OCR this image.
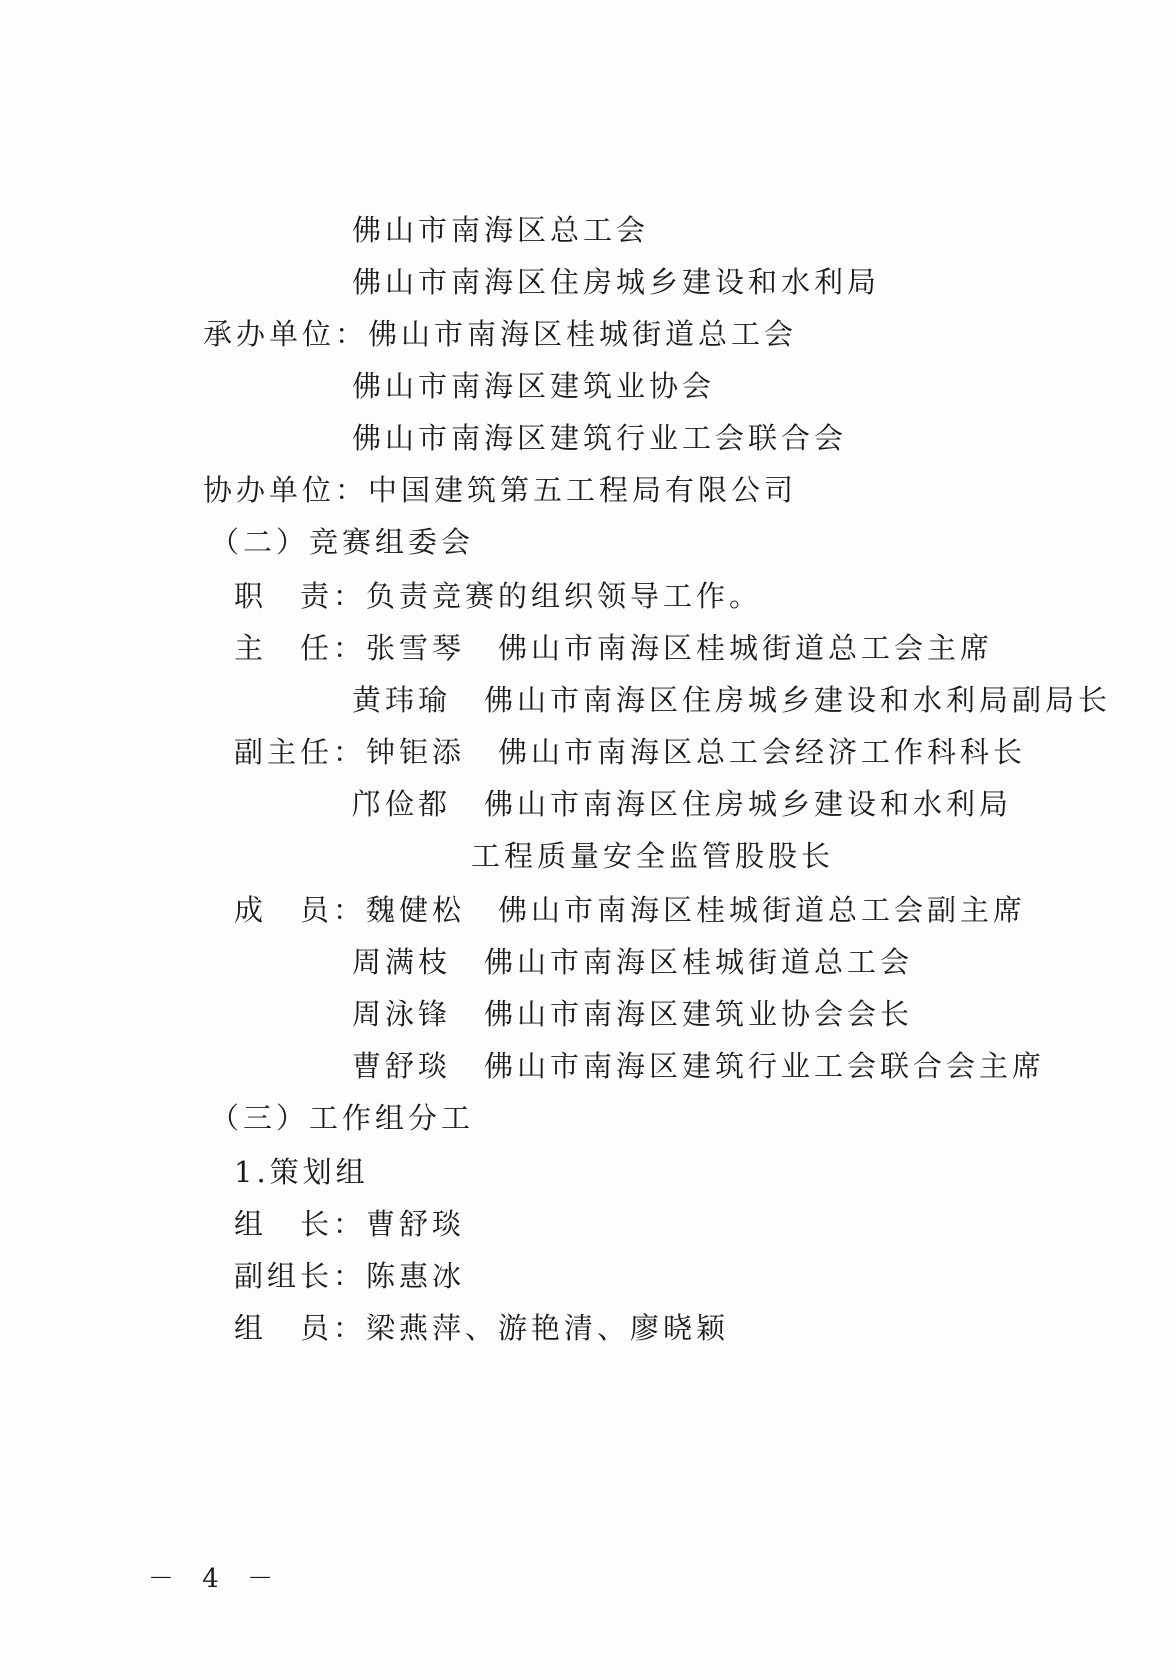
佛山市南海区总工会

佛山市南海区住房城乡建设和水利局

承办单位：佛山市南海区桂城街道总工会

佛山市南海区建筑业协会

佛山市南海区建筑行业工会联合会

协办单位：中国建筑第五工程局有限公司

（二）竞赛组委会

职　责：负责竞赛的组织领导工作。

主　任：张雪琴　佛山市南海区桂城街道总工会主席

黄玮瑜　佛山市南海区住房城乡建设和水利局副局长

副主任：钟钜添　佛山市南海区总工会经济工作科科长

邝俭都　佛山市南海区住房城乡建设和水利局

工程质量安全监管股股长

成　员：魏健松　佛山市南海区桂城街道总工会副主席

周满枝　佛山市南海区桂城街道总工会

周泳锋　佛山市南海区建筑业协会会长

曹舒琰　佛山市南海区建筑行业工会联合会主席

（三）工作组分工

1.策划组

组　长：曹舒琰

副组长：陈惠冰

组　员：梁燕萍、游艳清、廖晓颖

－ 4 －
